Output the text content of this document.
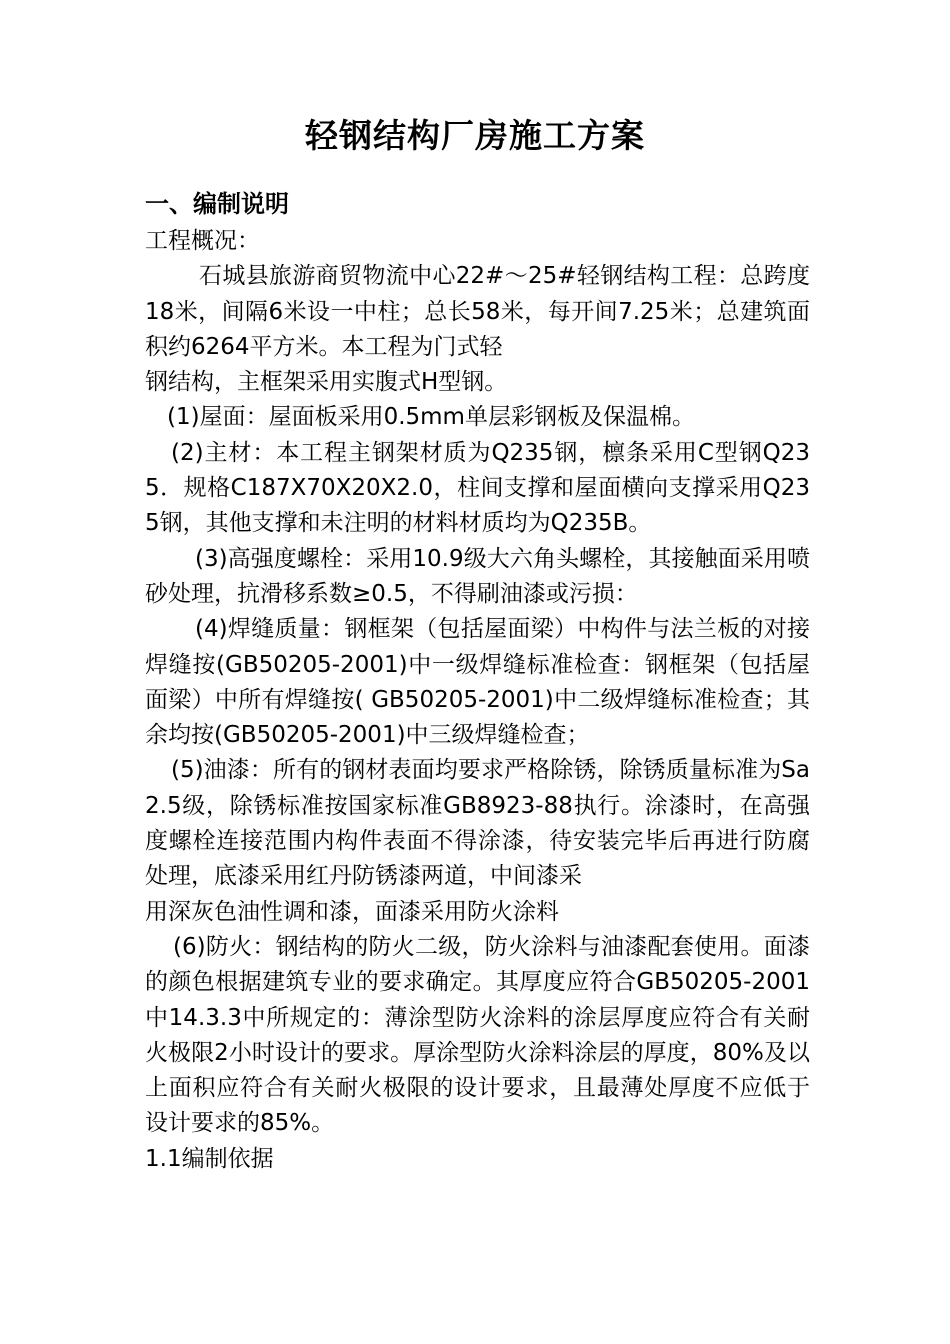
轻钢结构厂房施工方案
一、编制说明

工程概况：

石城县旅游商贸物流中心22#～25#轻钢结构工程：总跨度18米，间隔6米设一中柱；总长58米，每开间7.25米；总建筑面积约6264平方米。本工程为门式轻

钢结构，主框架采用实腹式H型钢。

(1)屋面：屋面板采用0.5mm单层彩钢板及保温棉。

(2)主材：本工程主钢架材质为Q235钢，檩条采用C型钢Q235．规格C187X70X20X2.0，柱间支撑和屋面横向支撑采用Q235钢，其他支撑和未注明的材料材质均为Q235B。

(3)高强度螺栓：采用10.9级大六角头螺栓，其接触面采用喷砂处理，抗滑移系数≥0.5，不得刷油漆或污损：

(4)焊缝质量：钢框架（包括屋面梁）中构件与法兰板的对接焊缝按(GB50205-2001)中一级焊缝标准检查：钢框架（包括屋面梁）中所有焊缝按( GB50205-2001)中二级焊缝标准检查；其余均按(GB50205-2001)中三级焊缝检查；

(5)油漆：所有的钢材表面均要求严格除锈，除锈质量标准为Sa2.5级，除锈标准按国家标准GB8923-88执行。涂漆时，在高强度螺栓连接范围内构件表面不得涂漆，待安装完毕后再进行防腐处理，底漆采用红丹防锈漆两道，中间漆采

用深灰色油性调和漆，面漆采用防火涂料

(6)防火：钢结构的防火二级，防火涂料与油漆配套使用。面漆的颜色根据建筑专业的要求确定。其厚度应符合GB50205-2001中14.3.3中所规定的：薄涂型防火涂料的涂层厚度应符合有关耐火极限2小时设计的要求。厚涂型防火涂料涂层的厚度，80%及以上面积应符合有关耐火极限的设计要求，且最薄处厚度不应低于设计要求的85%。

1.1编制依据
